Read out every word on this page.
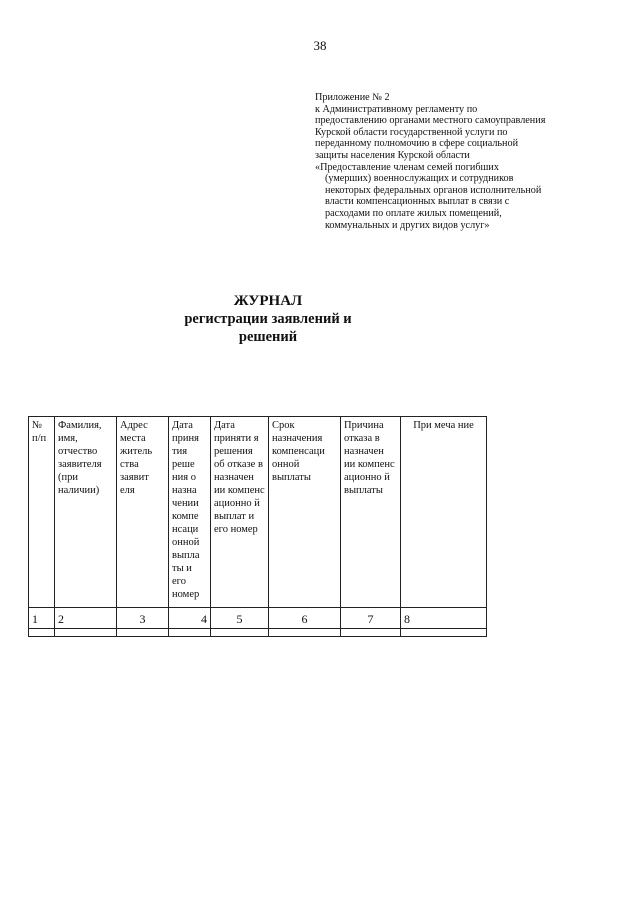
38
Приложение № 2
к Административному регламенту по
предоставлению органами местного самоуправления
Курской области государственной услуги по
переданному полномочию в сфере социальной
защиты населения Курской области
«Предоставление членам семей погибших
(умерших) военнослужащих и сотрудников
некоторых федеральных органов исполнительной
власти компенсационных выплат в связи с
расходами по оплате жилых помещений,
коммунальных и других видов услуг»
ЖУРНАЛ
регистрации заявлений и
решений
№ п/п	Фамилия, имя, отчество заявителя (при наличии)	Адрес места житель ства заявит еля	Дата приня тия реше ния о назна чении компе нсаци онной выпла ты и его номер	Дата приняти я решения об отказе в назначен ии компенс ационно й выплат и его номер	Срок назначения компенсаци онной выплаты	Причина отказа в назначен ии компенс ационно й выплаты	При меча ние
1	2	3	4	5	6	7	8
